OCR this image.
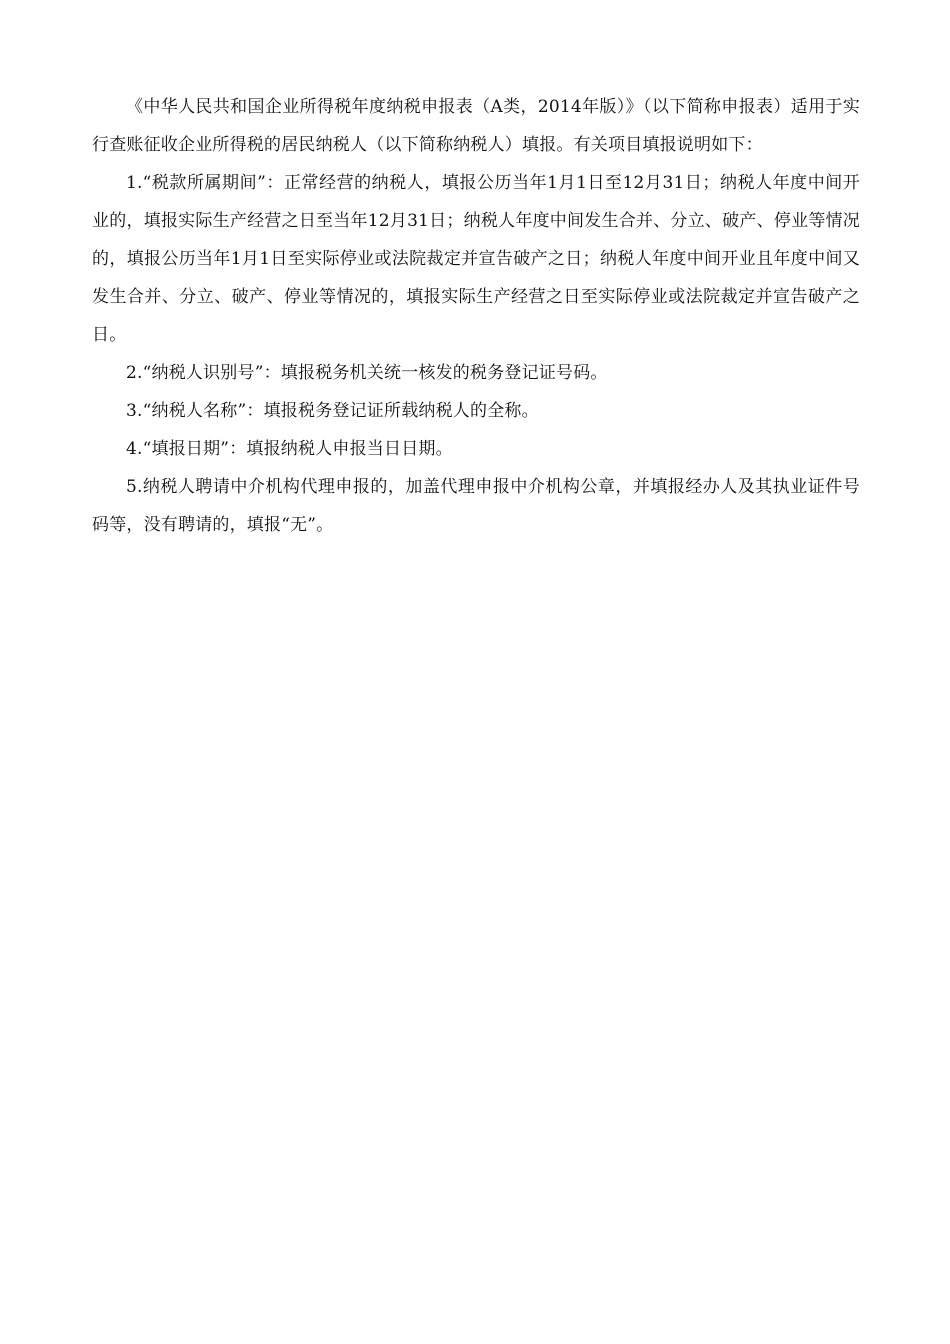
《中华人民共和国企业所得税年度纳税申报表（A类，2014年版）》（以下简称申报表）适用于实行查账征收企业所得税的居民纳税人（以下简称纳税人）填报。有关项目填报说明如下：

1.“税款所属期间”：正常经营的纳税人，填报公历当年1月1日至12月31日；纳税人年度中间开业的，填报实际生产经营之日至当年12月31日；纳税人年度中间发生合并、分立、破产、停业等情况的，填报公历当年1月1日至实际停业或法院裁定并宣告破产之日；纳税人年度中间开业且年度中间又发生合并、分立、破产、停业等情况的，填报实际生产经营之日至实际停业或法院裁定并宣告破产之日。

2.“纳税人识别号”：填报税务机关统一核发的税务登记证号码。

3.“纳税人名称”：填报税务登记证所载纳税人的全称。

4.“填报日期”：填报纳税人申报当日日期。

5.纳税人聘请中介机构代理申报的，加盖代理申报中介机构公章，并填报经办人及其执业证件号码等，没有聘请的，填报“无”。
